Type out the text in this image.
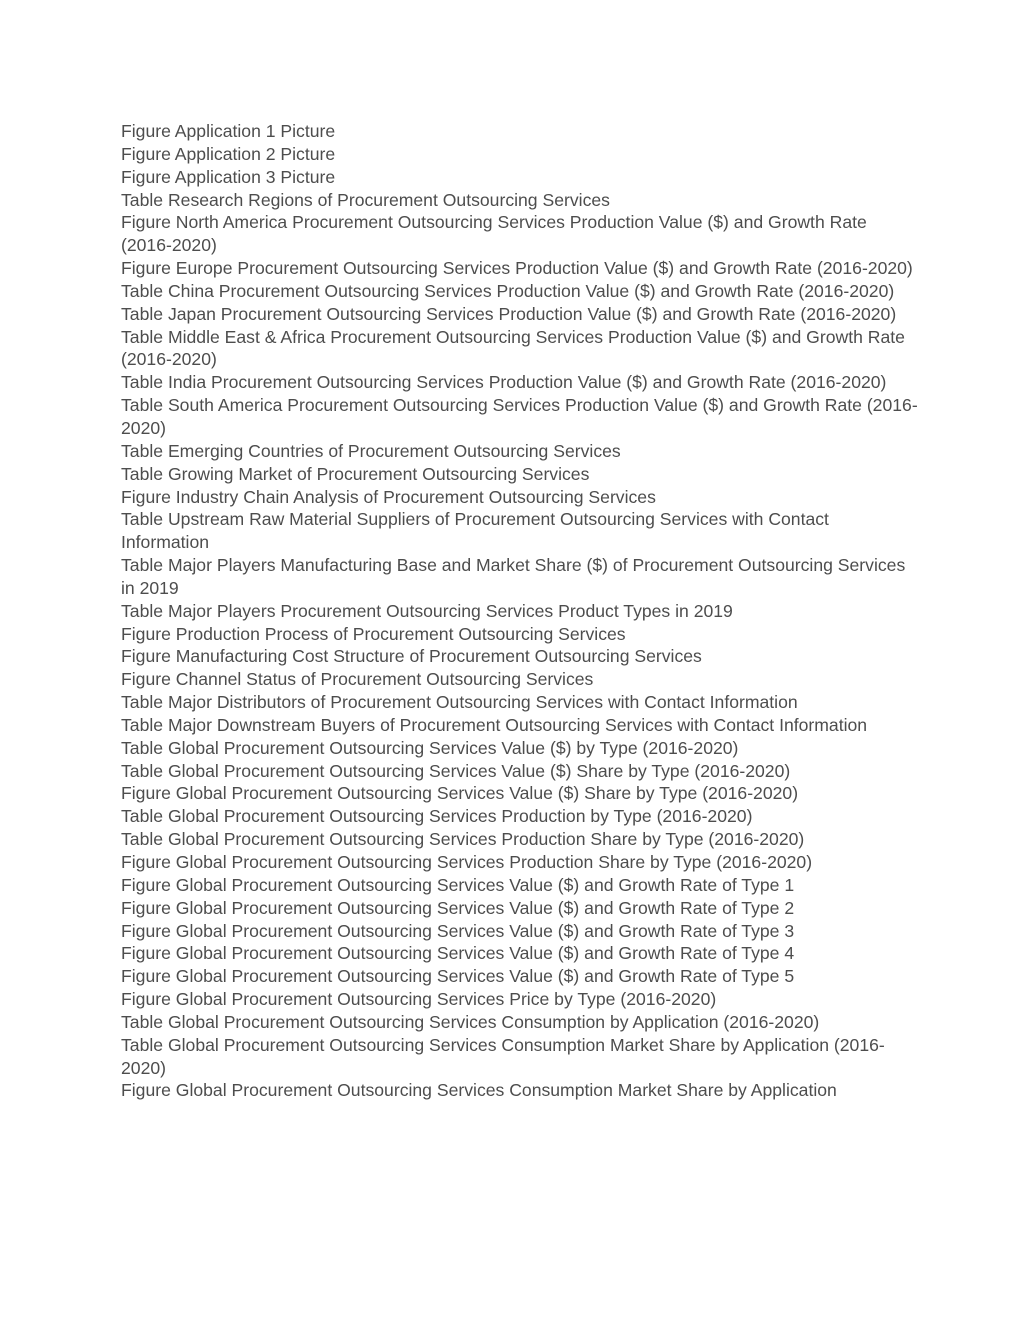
Figure Application 1 Picture
Figure Application 2 Picture
Figure Application 3 Picture
Table Research Regions of Procurement Outsourcing Services
Figure North America Procurement Outsourcing Services Production Value ($) and Growth Rate (2016-2020)
Figure Europe Procurement Outsourcing Services Production Value ($) and Growth Rate (2016-2020)
Table China Procurement Outsourcing Services Production Value ($) and Growth Rate (2016-2020)
Table Japan Procurement Outsourcing Services Production Value ($) and Growth Rate (2016-2020)
Table Middle East & Africa Procurement Outsourcing Services Production Value ($) and Growth Rate (2016-2020)
Table India Procurement Outsourcing Services Production Value ($) and Growth Rate (2016-2020)
Table South America Procurement Outsourcing Services Production Value ($) and Growth Rate (2016-2020)
Table Emerging Countries of Procurement Outsourcing Services
Table Growing Market of Procurement Outsourcing Services
Figure Industry Chain Analysis of Procurement Outsourcing Services
Table Upstream Raw Material Suppliers of Procurement Outsourcing Services with Contact Information
Table Major Players Manufacturing Base and Market Share ($) of Procurement Outsourcing Services in 2019
Table Major Players Procurement Outsourcing Services Product Types in 2019
Figure Production Process of Procurement Outsourcing Services
Figure Manufacturing Cost Structure of Procurement Outsourcing Services
Figure Channel Status of Procurement Outsourcing Services
Table Major Distributors of Procurement Outsourcing Services with Contact Information
Table Major Downstream Buyers of Procurement Outsourcing Services with Contact Information
Table Global Procurement Outsourcing Services Value ($) by Type (2016-2020)
Table Global Procurement Outsourcing Services Value ($) Share by Type (2016-2020)
Figure Global Procurement Outsourcing Services Value ($) Share by Type (2016-2020)
Table Global Procurement Outsourcing Services Production by Type (2016-2020)
Table Global Procurement Outsourcing Services Production Share by Type (2016-2020)
Figure Global Procurement Outsourcing Services Production Share by Type (2016-2020)
Figure Global Procurement Outsourcing Services Value ($) and Growth Rate of Type 1
Figure Global Procurement Outsourcing Services Value ($) and Growth Rate of Type 2
Figure Global Procurement Outsourcing Services Value ($) and Growth Rate of Type 3
Figure Global Procurement Outsourcing Services Value ($) and Growth Rate of Type 4
Figure Global Procurement Outsourcing Services Value ($) and Growth Rate of Type 5
Figure Global Procurement Outsourcing Services Price by Type (2016-2020)
Table Global Procurement Outsourcing Services Consumption by Application (2016-2020)
Table Global Procurement Outsourcing Services Consumption Market Share by Application (2016-2020)
Figure Global Procurement Outsourcing Services Consumption Market Share by Application
